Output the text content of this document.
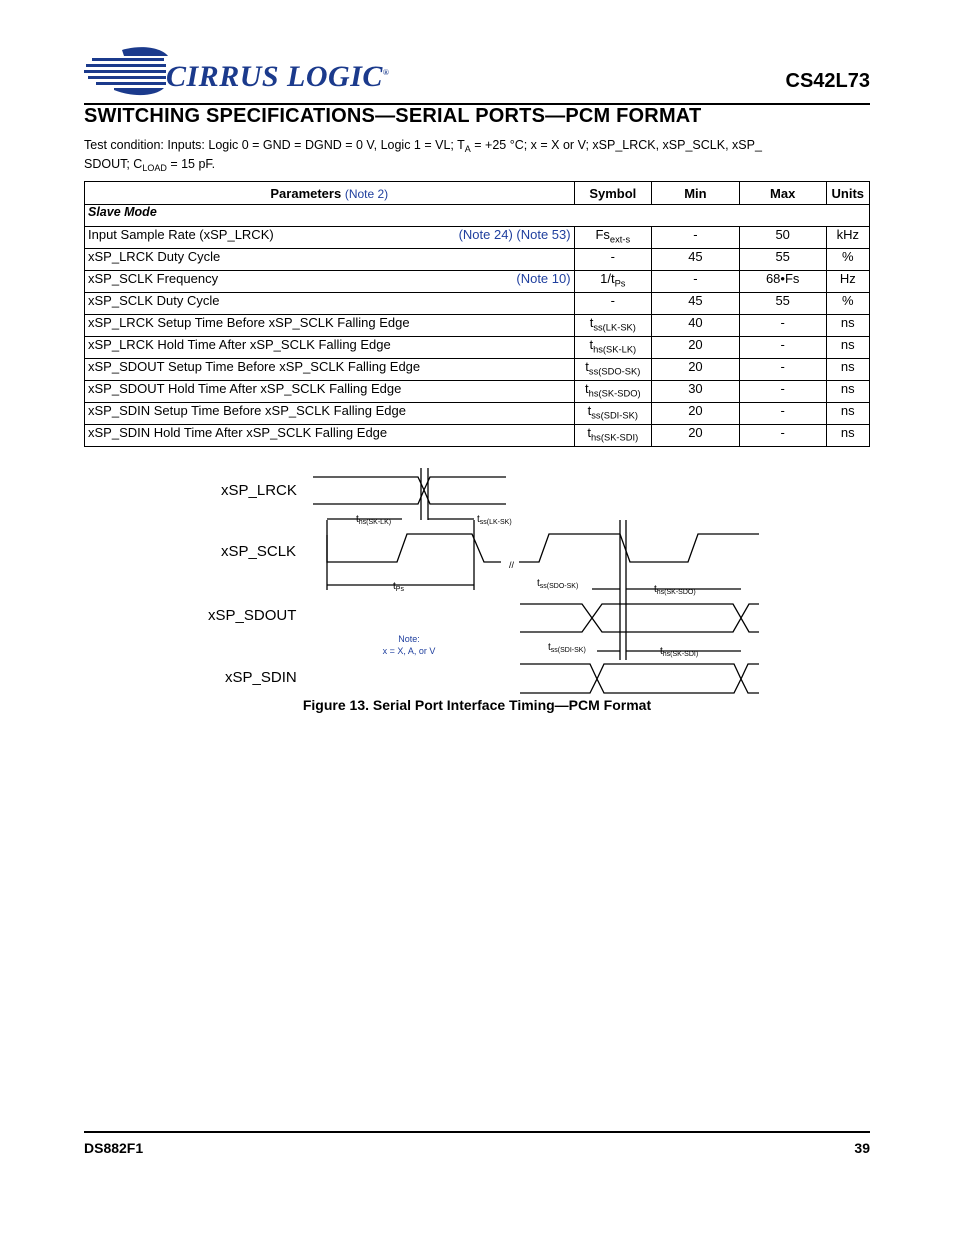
CIRRUS LOGIC®	CS42L73
SWITCHING SPECIFICATIONS—SERIAL PORTS—PCM FORMAT
Test condition: Inputs: Logic 0 = GND = DGND = 0 V, Logic 1 = VL; $T_A = +25$ °C; x = X or V; xSP_LRCK, xSP_SCLK, xSP_
SDOUT; $C_{LOAD} = 15$ pF.
Parameters (Note 2)	Symbol	Min	Max	Units
Slave Mode				

(Note 24) (Note 53)
Input Sample Rate (xSP_LRCK)	$Fs_{ext-s}$	-	50	kHz
xSP_LRCK Duty Cycle	-	45	55	%

(Note 10)
xSP_SCLK Frequency	$1/t_{Ps}$	-	68•Fs	Hz
xSP_SCLK Duty Cycle	-	45	55	%
xSP_LRCK Setup Time Before xSP_SCLK Falling Edge	$t_{ss(LK-SK)}$	40	-	ns
xSP_LRCK Hold Time After xSP_SCLK Falling Edge	$t_{hs(SK-LK)}$	20	-	ns
xSP_SDOUT Setup Time Before xSP_SCLK Falling Edge	$t_{ss(SDO-SK)}$	20	-	ns
xSP_SDOUT Hold Time After xSP_SCLK Falling Edge	$t_{hs(SK-SDO)}$	30	-	ns
xSP_SDIN Setup Time Before xSP_SCLK Falling Edge	$t_{ss(SDI-SK)}$	20	-	ns
xSP_SDIN Hold Time After xSP_SCLK Falling Edge	$t_{hs(SK-SDI)}$	20	-	ns
xSP_LRCK
xSP_SCLK
xSP_SDOUT
xSP_SDIN
$t_{hs(SK-LK)}$	$t_{ss(LK-SK)}$
$t_{Ps}$
//
$t_{ss(SDO-SK)}$	$t_{hs(SK-SDO)}$
$t_{ss(SDI-SK)}$	$t_{hs(SK-SDI)}$
Note:
x = X, A, or V
Figure 13. Serial Port Interface Timing—PCM Format
DS882F1	39
